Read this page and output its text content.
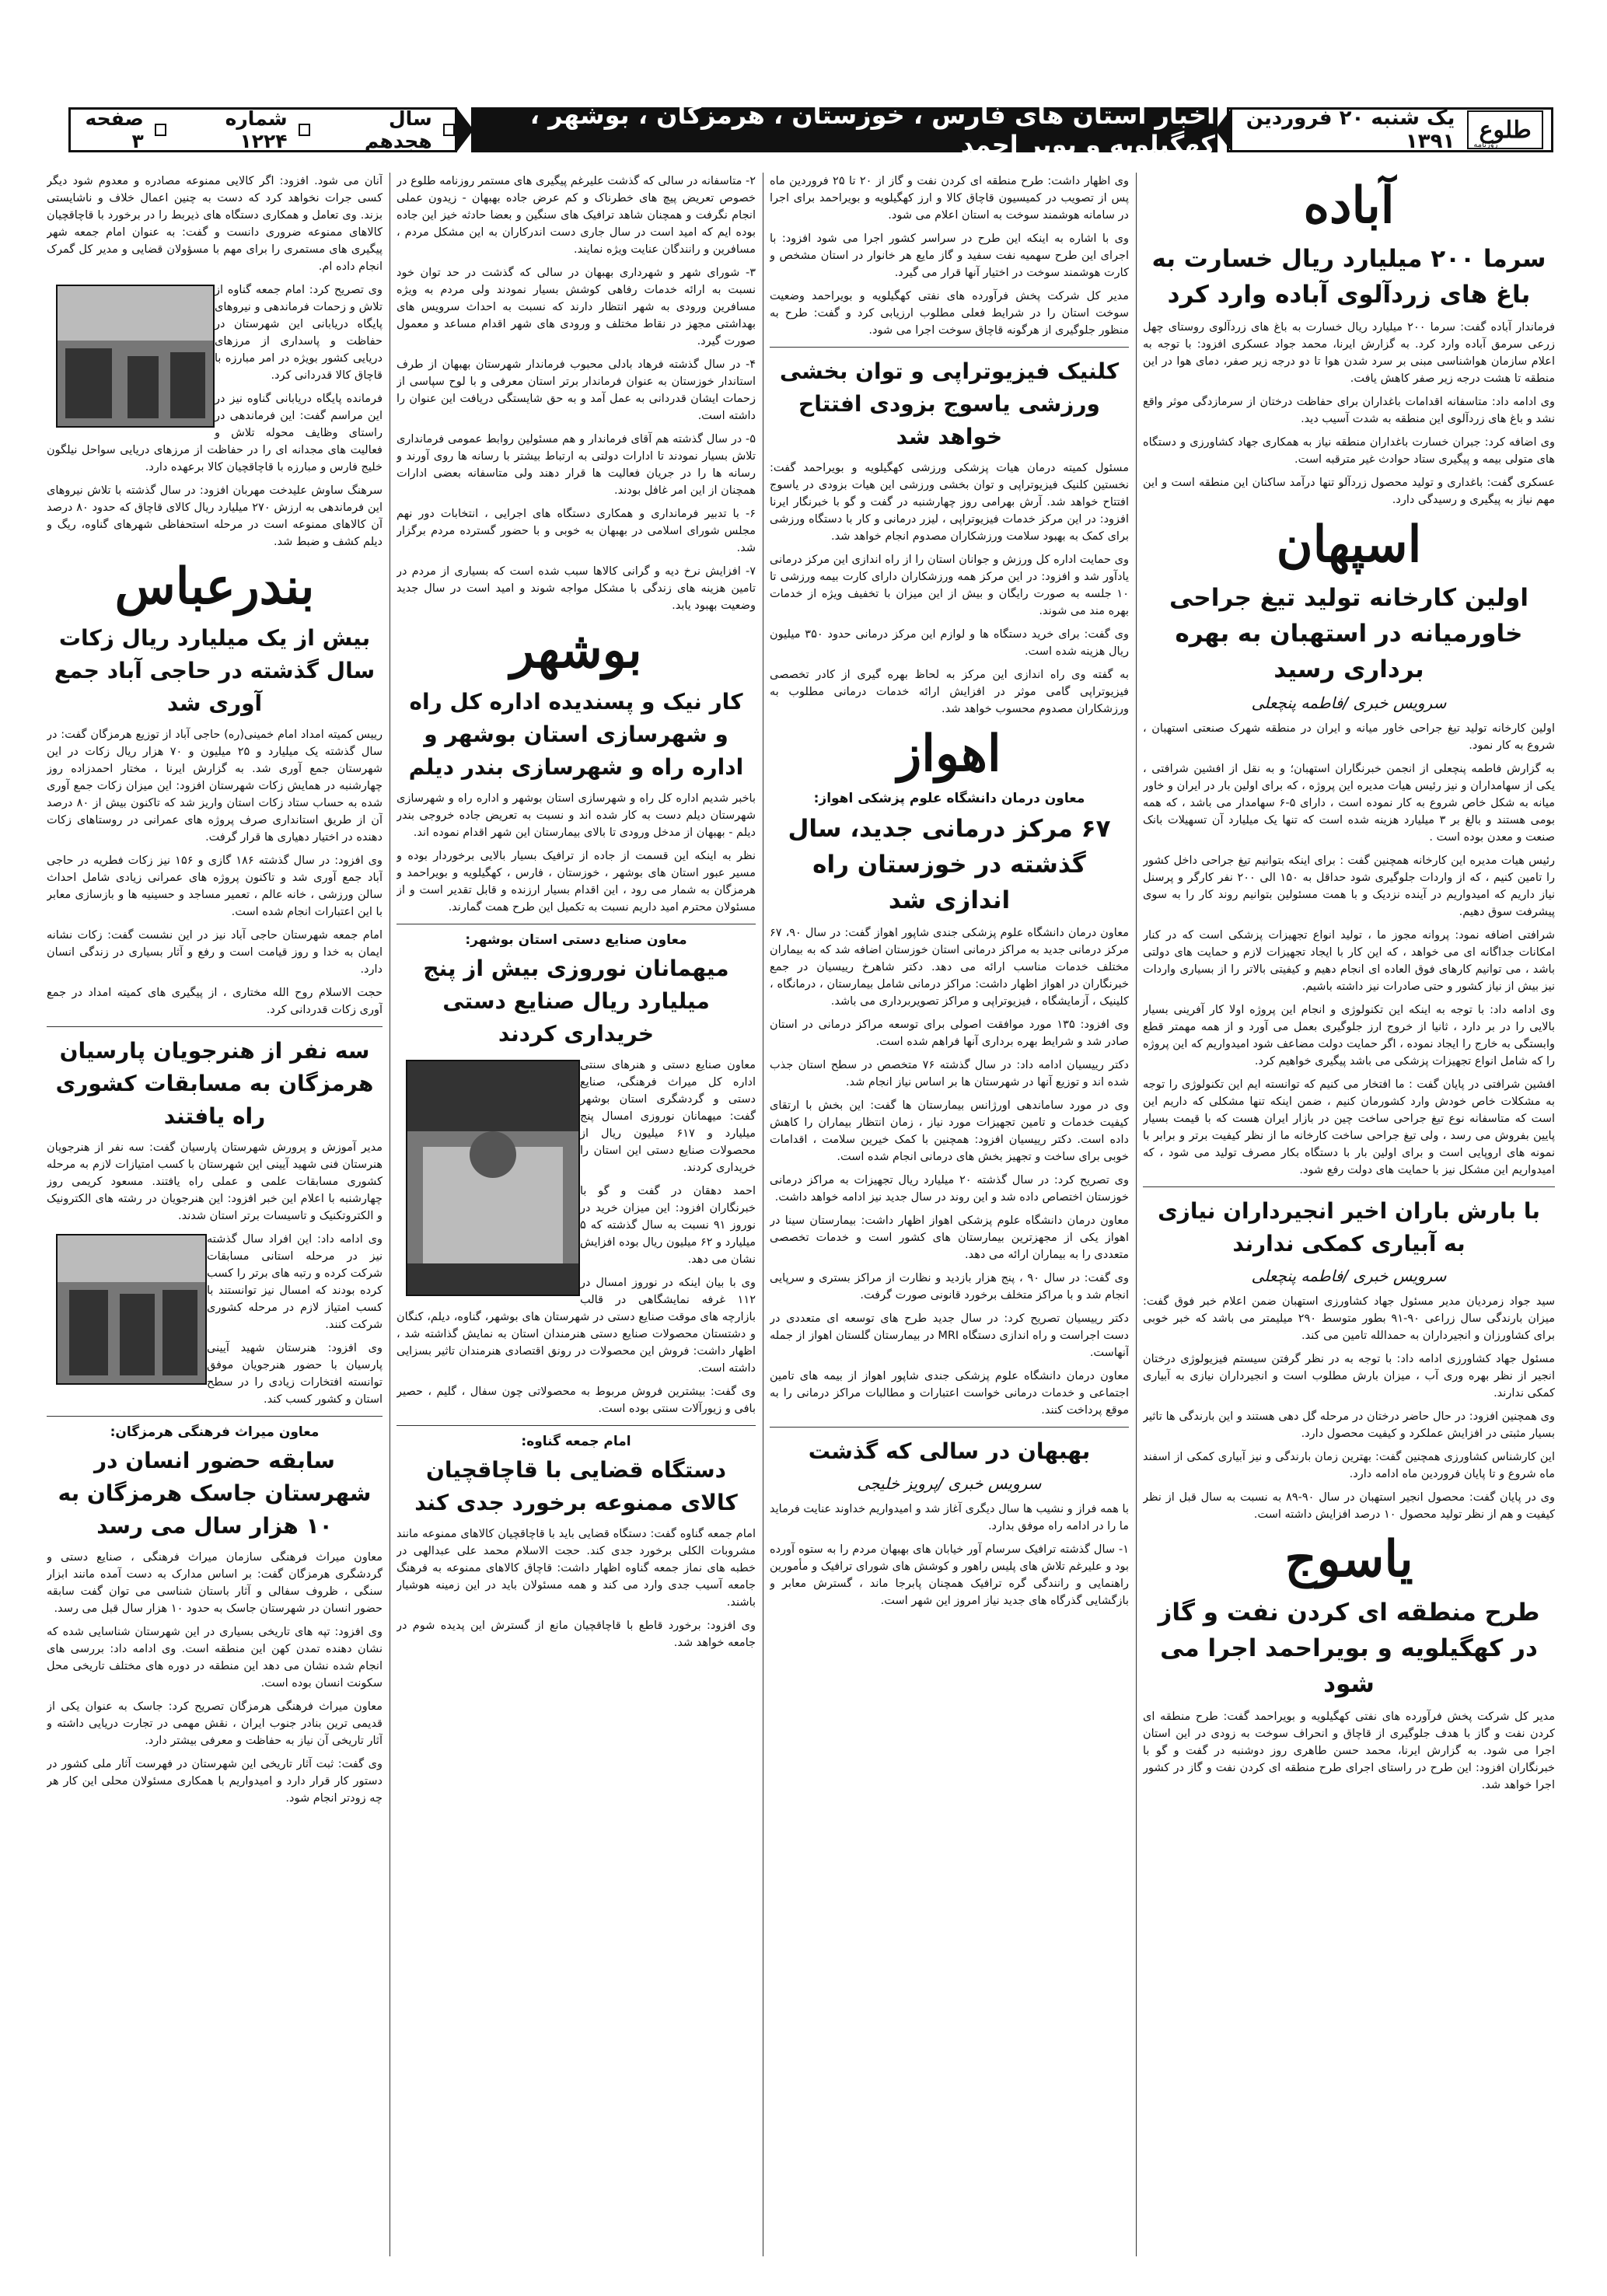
طلوع
روزنامه
یک شنبه ۲۰ فروردین ۱۳۹۱
اخبار استان های فارس ، خوزستان ، هرمزگان ، بوشهر ، کهگیلویه و بویر احمد
سال هجدهم
شماره ۱۲۲۴
صفحه ۳
آباده
سرما ۲۰۰ میلیارد ریال خسارت به باغ های زردآلوی آباده وارد کرد

فرماندار آباده گفت: سرما ۲۰۰ میلیارد ریال خسارت به باغ های زردآلوی روستای چهل زرعی سرمق آباده وارد کرد. به گزارش ایرنا، محمد جواد عسکری افزود: با توجه به اعلام سازمان هواشناسی مبنی بر سرد شدن هوا تا دو درجه زیر صفر، دمای هوا در این منطقه تا هشت درجه زیر صفر کاهش یافت.

وی ادامه داد: متاسفانه اقدامات باغداران برای حفاظت درختان از سرمازدگی موثر واقع نشد و باغ های زردآلوی این منطقه به شدت آسیب دید.

وی اضافه کرد: جبران خسارت باغداران منطقه نیاز به همکاری جهاد کشاورزی و دستگاه های متولی بیمه و پیگیری ستاد حوادث غیر مترقبه است.

عسکری گفت: باغداری و تولید محصول زردآلو تنها درآمد ساکنان این منطقه است و این مهم نیاز به پیگیری و رسیدگی دارد.

اسپهان
اولین کارخانه تولید تیغ جراحی خاورمیانه در استهبان به بهره برداری رسید
سرویس خبری /فاطمه پنچعلی

اولین کارخانه تولید تیغ جراحی خاور میانه و ایران در منطقه شهرک صنعتی استهبان ، شروع به کار نمود.

به گزارش فاطمه پنچعلی از انجمن خبرنگاران استهبان؛ و به نقل از افشین شرافتی ، یکی از سهامداران و نیز رئیس هیات مدیره این پروژه ، که برای اولین بار در ایران و خاور میانه به شکل خاص شروع به کار نموده است ، دارای ۵-۶ سهامدار می باشد ، که همه بومی هستند و بالغ بر ۳ میلیارد هزینه شده است که تنها یک میلیارد آن تسهیلات بانک صنعت و معدن بوده است .

رئیس هیات مدیره این کارخانه همچنین گفت : برای اینکه بتوانیم تیغ جراحی داخل کشور را تامین کنیم ، که از واردات جلوگیری شود حداقل به ۱۵۰ الی ۲۰۰ نفر کارگر و پرسنل نیاز داریم که امیدواریم در آینده نزدیک و با همت مسئولین بتوانیم روند کار را به سوی پیشرفت سوق دهیم.

شرافتی اضافه نمود: پروانه مجوز ما ، تولید انواع تجهیزات پزشکی است که در کنار امکانات جداگانه ای می خواهد ، که این کار با ایجاد تجهیزات لازم و حمایت های دولتی باشد ، می توانیم کارهای فوق العاده ای انجام دهیم و کیفیتی بالاتر را از بسیاری واردات نیز بیش از نیاز کشور و حتی صادرات نیز داشته باشیم.

وی ادامه داد: با توجه به اینکه این تکنولوژی و انجام این پروژه اولا کار آفرینی بسیار بالایی را در بر دارد ، ثانیا از خروج ارز جلوگیری بعمل می آورد و از همه مهمتر قطع وابستگی به خارج را ایجاد نموده ، اگر حمایت دولت مضاعف شود امیدواریم که این پروژه را که شامل انواع تجهیزات پزشکی می باشد پیگیری خواهیم کرد.

افشین شرافتی در پایان گفت : ما افتخار می کنیم که توانسته ایم این تکنولوژی را توجه به مشکلات خاص خودش وارد کشورمان کنیم ، ضمن اینکه تنها مشکلی که داریم این است که متاسفانه نوع تیغ جراحی ساخت چین در بازار ایران هست که با قیمت بسیار پایین بفروش می رسد ، ولی تیغ جراحی ساخت کارخانه ما از نظر کیفیت برتر و برابر با نمونه های اروپایی است و برای اولین بار با دستگاه بکار مصرف تولید می شود ، که امیدواریم این مشکل نیز با حمایت های دولت رفع شود.

با بارش باران اخیر انجیرداران نیازی به آبیاری کمکی ندارند
سرویس خبری /فاطمه پنچعلی

سید جواد زمردیان مدیر مسئول جهاد کشاورزی استهبان ضمن اعلام خبر فوق گفت: میزان بارندگی سال زراعی ۹۰-۹۱ بطور متوسط ۲۹۰ میلیمتر می باشد که خبر خوبی برای کشاورزان و انجیرداران به حمدالله تامین می کند.

مسئول جهاد کشاورزی ادامه داد: با توجه به در نظر گرفتن سیستم فیزیولوژی درختان انجیر از نظر بهره وری آب ، میزان بارش مطلوب است و انجیرداران نیازی به آبیاری کمکی ندارند.

وی همچنین افزود: در حال حاضر درختان در مرحله گل دهی هستند و این بارندگی ها تاثیر بسیار مثبتی در افزایش عملکرد و کیفیت محصول دارد.

این کارشناس کشاورزی همچنین گفت: بهترین زمان بارندگی و نیز آبیاری کمکی از اسفند ماه شروع و تا پایان فروردین ماه ادامه دارد.

وی در پایان گفت: محصول انجیر استهبان در سال ۹۰-۸۹ به نسبت به سال قبل از نظر کیفیت و هم از نظر تولید محصول ۱۰ درصد افزایش داشته است.

یاسوج
طرح منطقه ای کردن نفت و گاز در کهگیلویه و بویراحمد اجرا می شود

مدیر کل شرکت پخش فرآورده های نفتی کهگیلویه و بویراحمد گفت: طرح منطقه ای کردن نفت و گاز با هدف جلوگیری از قاچاق و انحراف سوخت به زودی در این استان اجرا می شود. به گزارش ایرنا، محمد حسن طاهری روز دوشنبه در گفت و گو با خبرنگاران افزود: این طرح در راستای اجرای طرح منطقه ای کردن نفت و گاز در کشور اجرا خواهد شد.

وی اظهار داشت: طرح منطقه ای کردن نفت و گاز از ۲۰ تا ۲۵ فروردین ماه پس از تصویب در کمیسیون قاچاق کالا و ارز کهگیلویه و بویراحمد برای اجرا در سامانه هوشمند سوخت به استان اعلام می شود.

وی با اشاره به اینکه این طرح در سراسر کشور اجرا می شود افزود: با اجرای این طرح سهمیه نفت سفید و گاز مایع هر خانوار در استان مشخص و کارت هوشمند سوخت در اختیار آنها قرار می گیرد.

مدیر کل شرکت پخش فرآورده های نفتی کهگیلویه و بویراحمد وضعیت سوخت استان را در شرایط فعلی مطلوب ارزیابی کرد و گفت: طرح به منظور جلوگیری از هرگونه قاچاق سوخت اجرا می شود.

کلنیک فیزیوتراپی و توان بخشی ورزشی یاسوج بزودی افتتاح خواهد شد

مسئول کمیته درمان هیات پزشکی ورزشی کهگیلویه و بویراحمد گفت: نخستین کلنیک فیزیوتراپی و توان بخشی ورزشی این هیات بزودی در یاسوج افتتاح خواهد شد. آرش بهرامی روز چهارشنبه در گفت و گو با خبرنگار ایرنا افزود: در این مرکز خدمات فیزیوتراپی ، لیزر درمانی و کار با دستگاه ورزشی برای کمک به بهبود سلامت ورزشکاران مصدوم انجام خواهد شد.

وی حمایت اداره کل ورزش و جوانان استان را از راه اندازی این مرکز درمانی یادآور شد و افزود: در این مرکز همه ورزشکاران دارای کارت بیمه ورزشی تا ۱۰ جلسه به صورت رایگان و بیش از این میزان با تخفیف ویژه از خدمات بهره مند می شوند.

وی گفت: برای خرید دستگاه ها و لوازم این مرکز درمانی حدود ۳۵۰ میلیون ریال هزینه شده است.

به گفته وی راه اندازی این مرکز به لحاظ بهره گیری از کادر تخصصی فیزیوتراپی گامی موثر در افزایش ارائه خدمات درمانی مطلوب به ورزشکاران مصدوم محسوب خواهد شد.

اهواز
معاون درمان دانشگاه علوم پزشکی اهواز:
۶۷ مرکز درمانی جدید، سال گذشته در خوزستان راه اندازی شد

معاون درمان دانشگاه علوم پزشکی جندی شاپور اهواز گفت: در سال ۹۰، ۶۷ مرکز درمانی جدید به مراکز درمانی استان خوزستان اضافه شد که به بیماران مختلف خدمات مناسب ارائه می دهد. دکتر شاهرخ رییسیان در جمع خبرنگاران در اهواز اظهار داشت: مراکز درمانی شامل بیمارستان ، درمانگاه ، کلینیک ، آزمایشگاه ، فیزیوتراپی و مراکز تصویربرداری می باشد.

وی افزود: ۱۳۵ مورد موافقت اصولی برای توسعه مراکز درمانی در استان صادر شد و شرایط بهره برداری آنها فراهم شده است.

دکتر رییسیان ادامه داد: در سال گذشته ۷۶ متخصص در سطح استان جذب شده اند و توزیع آنها در شهرستان ها بر اساس نیاز انجام شد.

وی در مورد ساماندهی اورژانس بیمارستان ها گفت: این بخش با ارتقای کیفیت خدمات و تامین تجهیزات مورد نیاز ، زمان انتظار بیماران را کاهش داده است. دکتر رییسیان افزود: همچنین با کمک خیرین سلامت ، اقدامات خوبی برای ساخت و تجهیز بخش های درمانی انجام شده است.

وی تصریح کرد: در سال گذشته ۲۰ میلیارد ریال تجهیزات به مراکز درمانی خوزستان اختصاص داده شد و این روند در سال جدید نیز ادامه خواهد داشت.

معاون درمان دانشگاه علوم پزشکی اهواز اظهار داشت: بیمارستان سینا در اهواز یکی از مجهزترین بیمارستان های کشور است و خدمات تخصصی متعددی را به بیماران ارائه می دهد.

وی گفت: در سال ۹۰ ، پنج هزار بازدید و نظارت از مراکز بستری و سرپایی انجام شد و با مراکز متخلف برخورد قانونی صورت گرفت.

دکتر رییسیان تصریح کرد: در سال جدید طرح های توسعه ای متعددی در دست اجراست و راه اندازی دستگاه MRI در بیمارستان گلستان اهواز از جمله آنهاست.

معاون درمان دانشگاه علوم پزشکی جندی شاپور اهواز از بیمه های تامین اجتماعی و خدمات درمانی خواست اعتبارات و مطالبات مراکز درمانی را به موقع پرداخت کنند.

بهبهان در سالی که گذشت
سرویس خبری /پرویز خلیجی

با همه فراز و نشیب ها سال دیگری آغاز شد و امیدواریم خداوند عنایت فرماید ما را در ادامه راه موفق بدارد.

۱- سال گذشته ترافیک سرسام آور خیابان های بهبهان مردم را به ستوه آورده بود و علیرغم تلاش های پلیس راهور و کوشش های شورای ترافیک و مأمورین راهنمایی و رانندگی گره ترافیک همچنان پابرجا ماند ، گسترش معابر و بازگشایی گذرگاه های جدید نیاز امروز این شهر است.

۲- متاسفانه در سالی که گذشت علیرغم پیگیری های مستمر روزنامه طلوع در خصوص تعریض پیچ های خطرناک و کم عرض جاده بهبهان - زیدون عملی انجام نگرفت و همچنان شاهد ترافیک های سنگین و بعضا حادثه خیز این جاده بوده ایم که امید است در سال جاری دست اندرکاران به این مشکل مردم ، مسافرین و رانندگان عنایت ویژه نمایند.

۳- شورای شهر و شهرداری بهبهان در سالی که گذشت در حد توان خود نسبت به ارائه خدمات رفاهی کوشش بسیار نمودند ولی مردم به ویژه مسافرین ورودی به شهر انتظار دارند که نسبت به احداث سرویس های بهداشتی مجهز در نقاط مختلف و ورودی های شهر اقدام مساعد و معمول صورت گیرد.

۴- در سال گذشته فرهاد بادلی محبوب فرماندار شهرستان بهبهان از طرف استاندار خوزستان به عنوان فرماندار برتر استان معرفی و با لوح سپاسی از زحمات ایشان قدردانی به عمل آمد و به حق شایستگی دریافت این عنوان را داشته است.

۵- در سال گذشته هم آقای فرماندار و هم مسئولین روابط عمومی فرمانداری تلاش بسیار نمودند تا ادارات دولتی به ارتباط بیشتر با رسانه ها روی آورند و رسانه ها را در جریان فعالیت ها قرار دهند ولی متاسفانه بعضی ادارات همچنان از این امر غافل بودند.

۶- با تدبیر فرمانداری و همکاری دستگاه های اجرایی ، انتخابات دور نهم مجلس شورای اسلامی در بهبهان به خوبی و با حضور گسترده مردم برگزار شد.

۷- افزایش نرخ دیه و گرانی کالاها سبب شده است که بسیاری از مردم در تامین هزینه های زندگی با مشکل مواجه شوند و امید است در سال جدید وضعیت بهبود یابد.

بوشهر
کار نیک و پسندیده اداره کل راه و شهرسازی استان بوشهر و اداره راه و شهرسازی بندر دیلم

باخبر شدیم اداره کل راه و شهرسازی استان بوشهر و اداره راه و شهرسازی شهرستان دیلم دست به کار شده اند و نسبت به تعریض جاده خروجی بندر دیلم - بهبهان از مدخل ورودی تا بالای بیمارستان این شهر اقدام نموده اند.

نظر به اینکه این قسمت از جاده از ترافیک بسیار بالایی برخوردار بوده و مسیر عبور استان های بوشهر ، خوزستان ، فارس ، کهگیلویه و بویراحمد و هرمزگان به شمار می رود ، این اقدام بسیار ارزنده و قابل تقدیر است و از مسئولان محترم امید داریم نسبت به تکمیل این طرح همت گمارند.

معاون صنایع دستی استان بوشهر:
میهمانان نوروزی بیش از پنج میلیارد ریال صنایع دستی خریداری کردند

معاون صنایع دستی و هنرهای سنتی اداره کل میراث فرهنگی، صنایع دستی و گردشگری استان بوشهر گفت: میهمانان نوروزی امسال پنج میلیارد و ۶۱۷ میلیون ریال از محصولات صنایع دستی این استان را خریداری کردند.

احمد دهقان در گفت و گو با خبرنگاران افزود: این میزان خرید در نوروز ۹۱ نسبت به سال گذشته که ۵ میلیارد و ۶۲ میلیون ریال بوده افزایش نشان می دهد.

وی با بیان اینکه در نوروز امسال در ۱۱۲ غرفه نمایشگاهی در قالب بازارچه های موقت صنایع دستی در شهرستان های بوشهر، گناوه، دیلم، کنگان و دشتستان محصولات صنایع دستی هنرمندان استان به نمایش گذاشته شد ، اظهار داشت: فروش این محصولات در رونق اقتصادی هنرمندان تاثیر بسزایی داشته است.

وی گفت: بیشترین فروش مربوط به محصولاتی چون سفال ، گلیم ، حصیر بافی و زیورآلات سنتی بوده است.

امام جمعه گناوه:
دستگاه قضایی با قاچاقچیان کالای ممنوعه برخورد جدی کند

امام جمعه گناوه گفت: دستگاه قضایی باید با قاچاقچیان کالاهای ممنوعه مانند مشروبات الکلی برخورد جدی کند. حجت الاسلام محمد علی عبدالهی در خطبه های نماز جمعه گناوه اظهار داشت: قاچاق کالاهای ممنوعه به فرهنگ جامعه آسیب جدی وارد می کند و همه مسئولان باید در این زمینه هوشیار باشند.

وی افزود: برخورد قاطع با قاچاقچیان مانع از گسترش این پدیده شوم در جامعه خواهد شد.

آنان می شود. افزود: اگر کالایی ممنوعه مصادره و معدوم شود دیگر کسی جرات نخواهد کرد که دست به چنین اعمال خلاف و ناشایستی بزند. وی تعامل و همکاری دستگاه های ذیربط را در برخورد با قاچاقچیان کالاهای ممنوعه ضروری دانست و گفت: به عنوان امام جمعه شهر پیگیری های مستمری را برای مهم با مسؤولان قضایی و مدیر کل گمرک انجام داده ام.

وی تصریح کرد: امام جمعه گناوه از تلاش و زحمات فرماندهی و نیروهای پایگاه دریابانی این شهرستان در حفاظت و پاسداری از مرزهای دریایی کشور بویژه در امر مبارزه با قاچاق کالا قدردانی کرد.

فرمانده پایگاه دریابانی گناوه نیز در این مراسم گفت: این فرماندهی در راستای وظایف محوله تلاش و فعالیت های مجدانه ای را در حفاظت از مرزهای دریایی سواحل نیلگون خلیج فارس و مبارزه با قاچاقچیان کالا برعهده دارد.

سرهنگ ساوش علیدخت مهربان افزود: در سال گذشته با تلاش نیروهای این فرماندهی به ارزش ۲۷۰ میلیارد ریال کالای قاچاق که حدود ۸۰ درصد آن کالاهای ممنوعه است در مرحله استحفاظی شهرهای گناوه، ریگ و دیلم کشف و ضبط شد.

بندرعباس
بیش از یک میلیارد ریال زکات سال گذشته در حاجی آباد جمع آوری شد

رییس کمیته امداد امام خمینی(ره) حاجی آباد از توزیع هرمزگان گفت: در سال گذشته یک میلیارد و ۲۵ میلیون و ۷۰ هزار ریال زکات در این شهرستان جمع آوری شد. به گزارش ایرنا ، مختار احمدزاده روز چهارشنبه در همایش زکات شهرستان افزود: این میزان زکات جمع آوری شده به حساب ستاد زکات استان واریز شد که تاکنون بیش از ۸۰ درصد آن از طریق استانداری صرف پروژه های عمرانی در روستاهای زکات دهنده در اختیار دهیاری ها قرار گرفت.

وی افزود: در سال گذشته ۱۸۶ گازی و ۱۵۶ نیز زکات فطریه در حاجی آباد جمع آوری شد و تاکنون پروژه های عمرانی زیادی شامل احداث سالن ورزشی ، خانه عالم ، تعمیر مساجد و حسینیه ها و بازسازی معابر با این اعتبارات انجام شده است.

امام جمعه شهرستان حاجی آباد نیز در این نشست گفت: زکات نشانه ایمان به خدا و روز قیامت است و رفع و آثار بسیاری در زندگی انسان دارد.

حجت الاسلام روح الله مختاری ، از پیگیری های کمیته امداد در جمع آوری زکات قدردانی کرد.

سه نفر از هنرجویان پارسیان هرمزگان به مسابقات کشوری راه یافتند

مدیر آموزش و پرورش شهرستان پارسیان گفت: سه نفر از هنرجویان هنرستان فنی شهید آیینی این شهرستان با کسب امتیازات لازم به مرحله کشوری مسابقات علمی و عملی راه یافتند. مسعود کریمی روز چهارشنبه با اعلام این خبر افزود: این هنرجویان در رشته های الکترونیک و الکتروتکنیک و تاسیسات برتر استان شدند.

وی ادامه داد: این افراد سال گذشته نیز در مرحله استانی مسابقات شرکت کرده و رتبه های برتر را کسب کرده بودند که امسال نیز توانستند با کسب امتیاز لازم در مرحله کشوری شرکت کنند.

وی افزود: هنرستان شهید آیینی پارسیان با حضور هنرجویان موفق توانسته افتخارات زیادی را در سطح استان و کشور کسب کند.

معاون میراث فرهنگی هرمزگان:
سابقه حضور انسان در شهرستان جاسک هرمزگان به ۱۰ هزار سال می رسد

معاون میراث فرهنگی سازمان میراث فرهنگی ، صنایع دستی و گردشگری هرمزگان گفت: بر اساس مدارک به دست آمده مانند ابزار سنگی ، ظروف سفالی و آثار باستان شناسی می توان گفت سابقه حضور انسان در شهرستان جاسک به حدود ۱۰ هزار سال قبل می رسد.

وی افزود: تپه های تاریخی بسیاری در این شهرستان شناسایی شده که نشان دهنده تمدن کهن این منطقه است. وی ادامه داد: بررسی های انجام شده نشان می دهد این منطقه در دوره های مختلف تاریخی محل سکونت انسان بوده است.

معاون میراث فرهنگی هرمزگان تصریح کرد: جاسک به عنوان یکی از قدیمی ترین بنادر جنوب ایران ، نقش مهمی در تجارت دریایی داشته و آثار تاریخی آن نیاز به حفاظت و معرفی بیشتر دارد.

وی گفت: ثبت آثار تاریخی این شهرستان در فهرست آثار ملی کشور در دستور کار قرار دارد و امیدواریم با همکاری مسئولان محلی این کار هر چه زودتر انجام شود.
